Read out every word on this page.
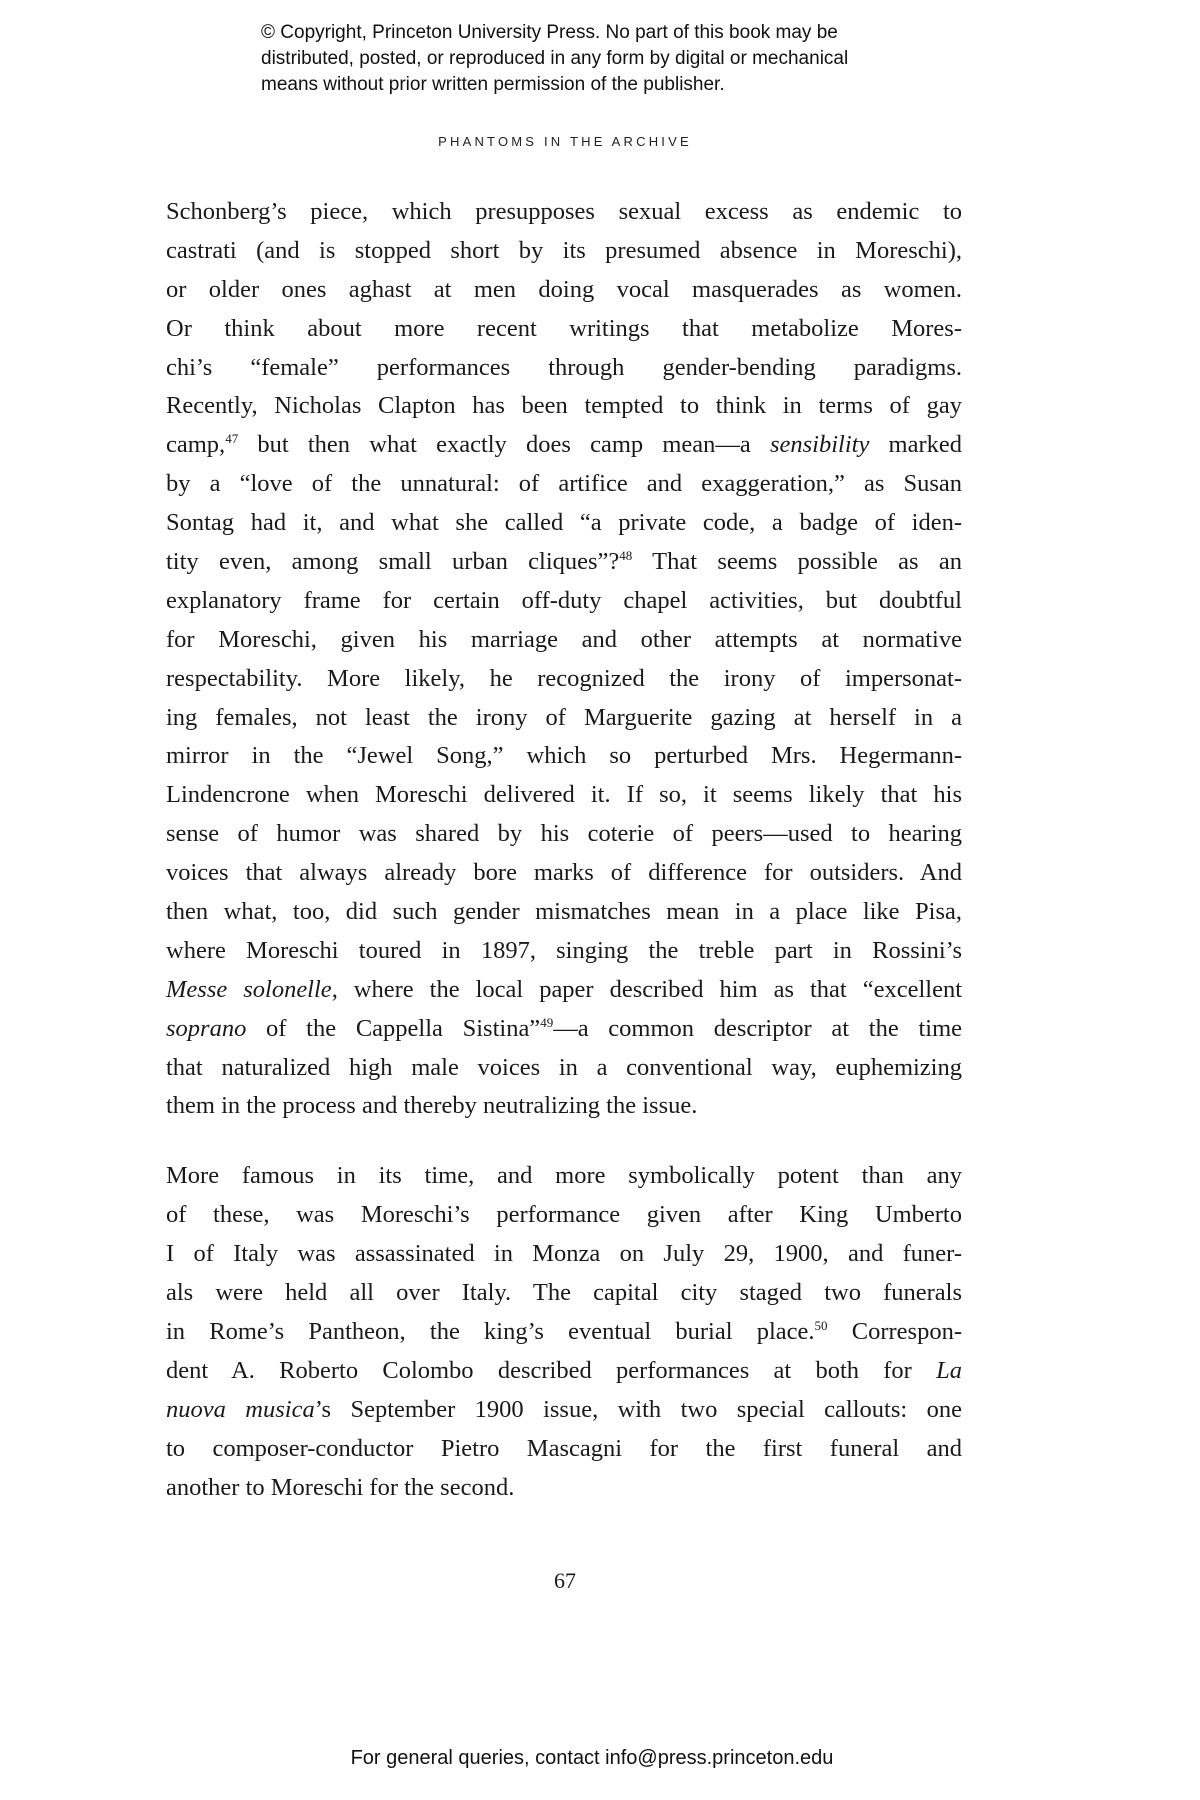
© Copyright, Princeton University Press. No part of this book may be
distributed, posted, or reproduced in any form by digital or mechanical
means without prior written permission of the publisher.
PHANTOMS IN THE ARCHIVE
Schonberg’s piece, which presupposes sexual excess as endemic to
castrati (and is stopped short by its presumed absence in Moreschi),
or older ones aghast at men doing vocal masquerades as women.
Or think about more recent writings that metabolize Mores-
chi’s “female” performances through gender-bending paradigms.
Recently, Nicholas Clapton has been tempted to think in terms of gay
camp,$^{47}$ but then what exactly does camp mean—a sensibility marked
by a “love of the unnatural: of artifice and exaggeration,” as Susan
Sontag had it, and what she called “a private code, a badge of iden-
tity even, among small urban cliques”?$^{48}$ That seems possible as an
explanatory frame for certain off-duty chapel activities, but doubtful
for Moreschi, given his marriage and other attempts at normative
respectability. More likely, he recognized the irony of impersonat-
ing females, not least the irony of Marguerite gazing at herself in a
mirror in the “Jewel Song,” which so perturbed Mrs. Hegermann-
Lindencrone when Moreschi delivered it. If so, it seems likely that his
sense of humor was shared by his coterie of peers—used to hearing
voices that always already bore marks of difference for outsiders. And
then what, too, did such gender mismatches mean in a place like Pisa,
where Moreschi toured in 1897, singing the treble part in Rossini’s
Messe solonelle, where the local paper described him as that “excellent
soprano of the Cappella Sistina”$^{49}$—a common descriptor at the time
that naturalized high male voices in a conventional way, euphemizing
them in the process and thereby neutralizing the issue.
More famous in its time, and more symbolically potent than any
of these, was Moreschi’s performance given after King Umberto
I of Italy was assassinated in Monza on July 29, 1900, and funer-
als were held all over Italy. The capital city staged two funerals
in Rome’s Pantheon, the king’s eventual burial place.$^{50}$ Correspon-
dent A. Roberto Colombo described performances at both for La
nuova musica’s September 1900 issue, with two special callouts: one
to composer-conductor Pietro Mascagni for the first funeral and
another to Moreschi for the second.
67
For general queries, contact info@press.princeton.edu
